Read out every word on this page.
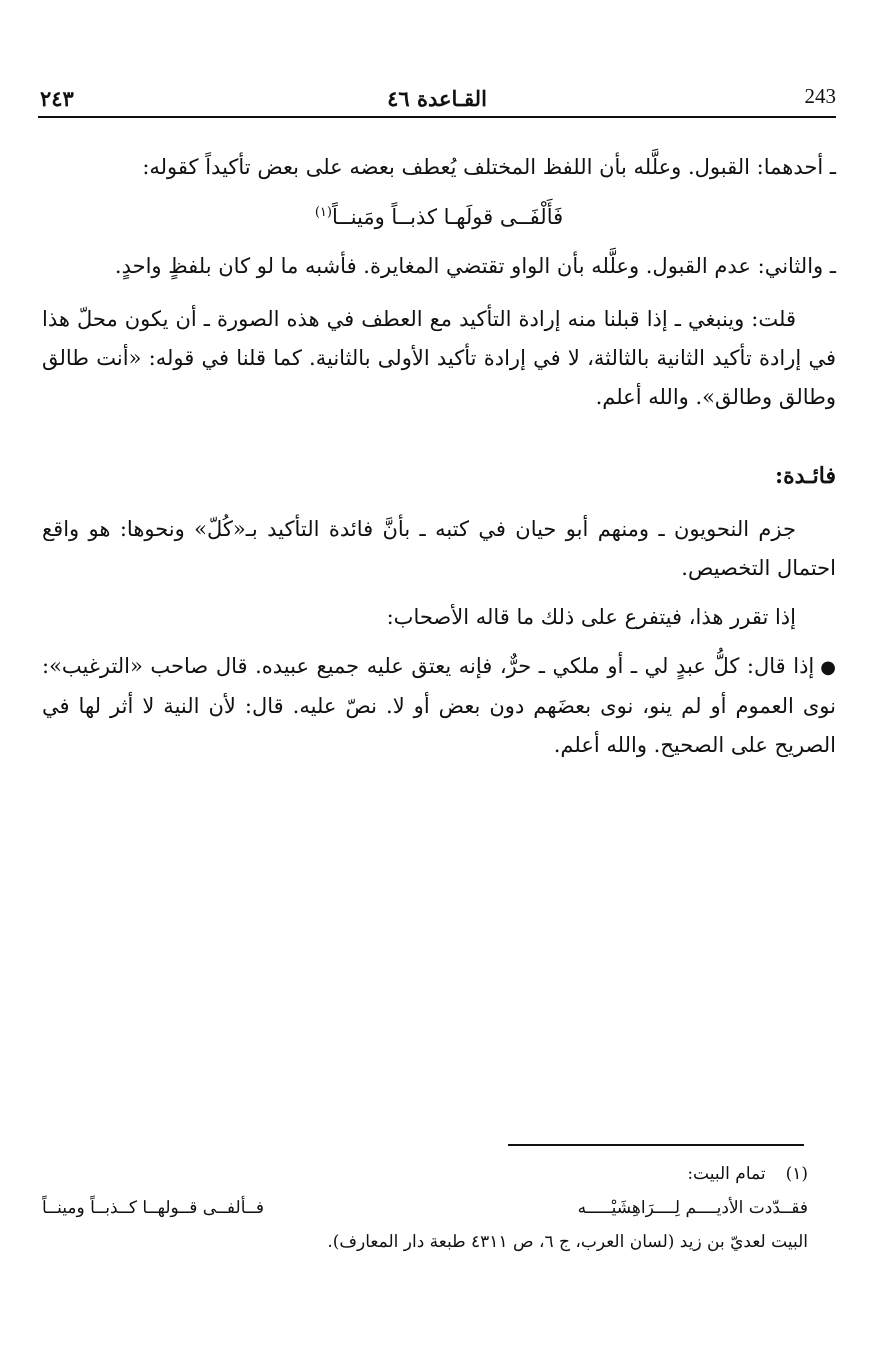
٢٤٣	القـاعدة ٤٦	243

ـ أحدهما: القبول. وعلَّله بأن اللفظ المختلف يُعطف بعضه على بعض تأكيداً كقوله:

فَأَلْفَــى قولَهـا كذبــاً ومَينــاً$^{(١)}$

ـ والثاني: عدم القبول. وعلَّله بأن الواو تقتضي المغايرة. فأشبه ما لو كان بلفظٍ واحدٍ.

قلت: وينبغي ـ إذا قبلنا منه إرادة التأكيد مع العطف في هذه الصورة ـ أن يكون محلّ هذا في إرادة تأكيد الثانية بالثالثة، لا في إرادة تأكيد الأولى بالثانية. كما قلنا في قوله: «أنت طالق وطالق وطالق». والله أعلم.

فائـدة:

جزم النحويون ـ ومنهم أبو حيان في كتبه ـ بأنَّ فائدة التأكيد بـ«كُلّ» ونحوها: هو واقع احتمال التخصيص.

إذا تقرر هذا، فيتفرع على ذلك ما قاله الأصحاب:

●إذا قال: كلُّ عبدٍ لي ـ أو ملكي ـ حرٌّ، فإنه يعتق عليه جميع عبيده. قال صاحب «الترغيب»: نوى العموم أو لم ينو، نوى بعضَهم دون بعض أو لا. نصّ عليه. قال: لأن النية لا أثر لها في الصريح على الصحيح. والله أعلم.

(١)تمام البيت:

فقــدّدت الأديــــم لِــــرَاهِشَيْـــــه
فــألفــى قــولهــا كــذبــاً ومينــاً

البيت لعديّ بن زيد (لسان العرب، ج ٦، ص ٤٣١١ طبعة دار المعارف).
